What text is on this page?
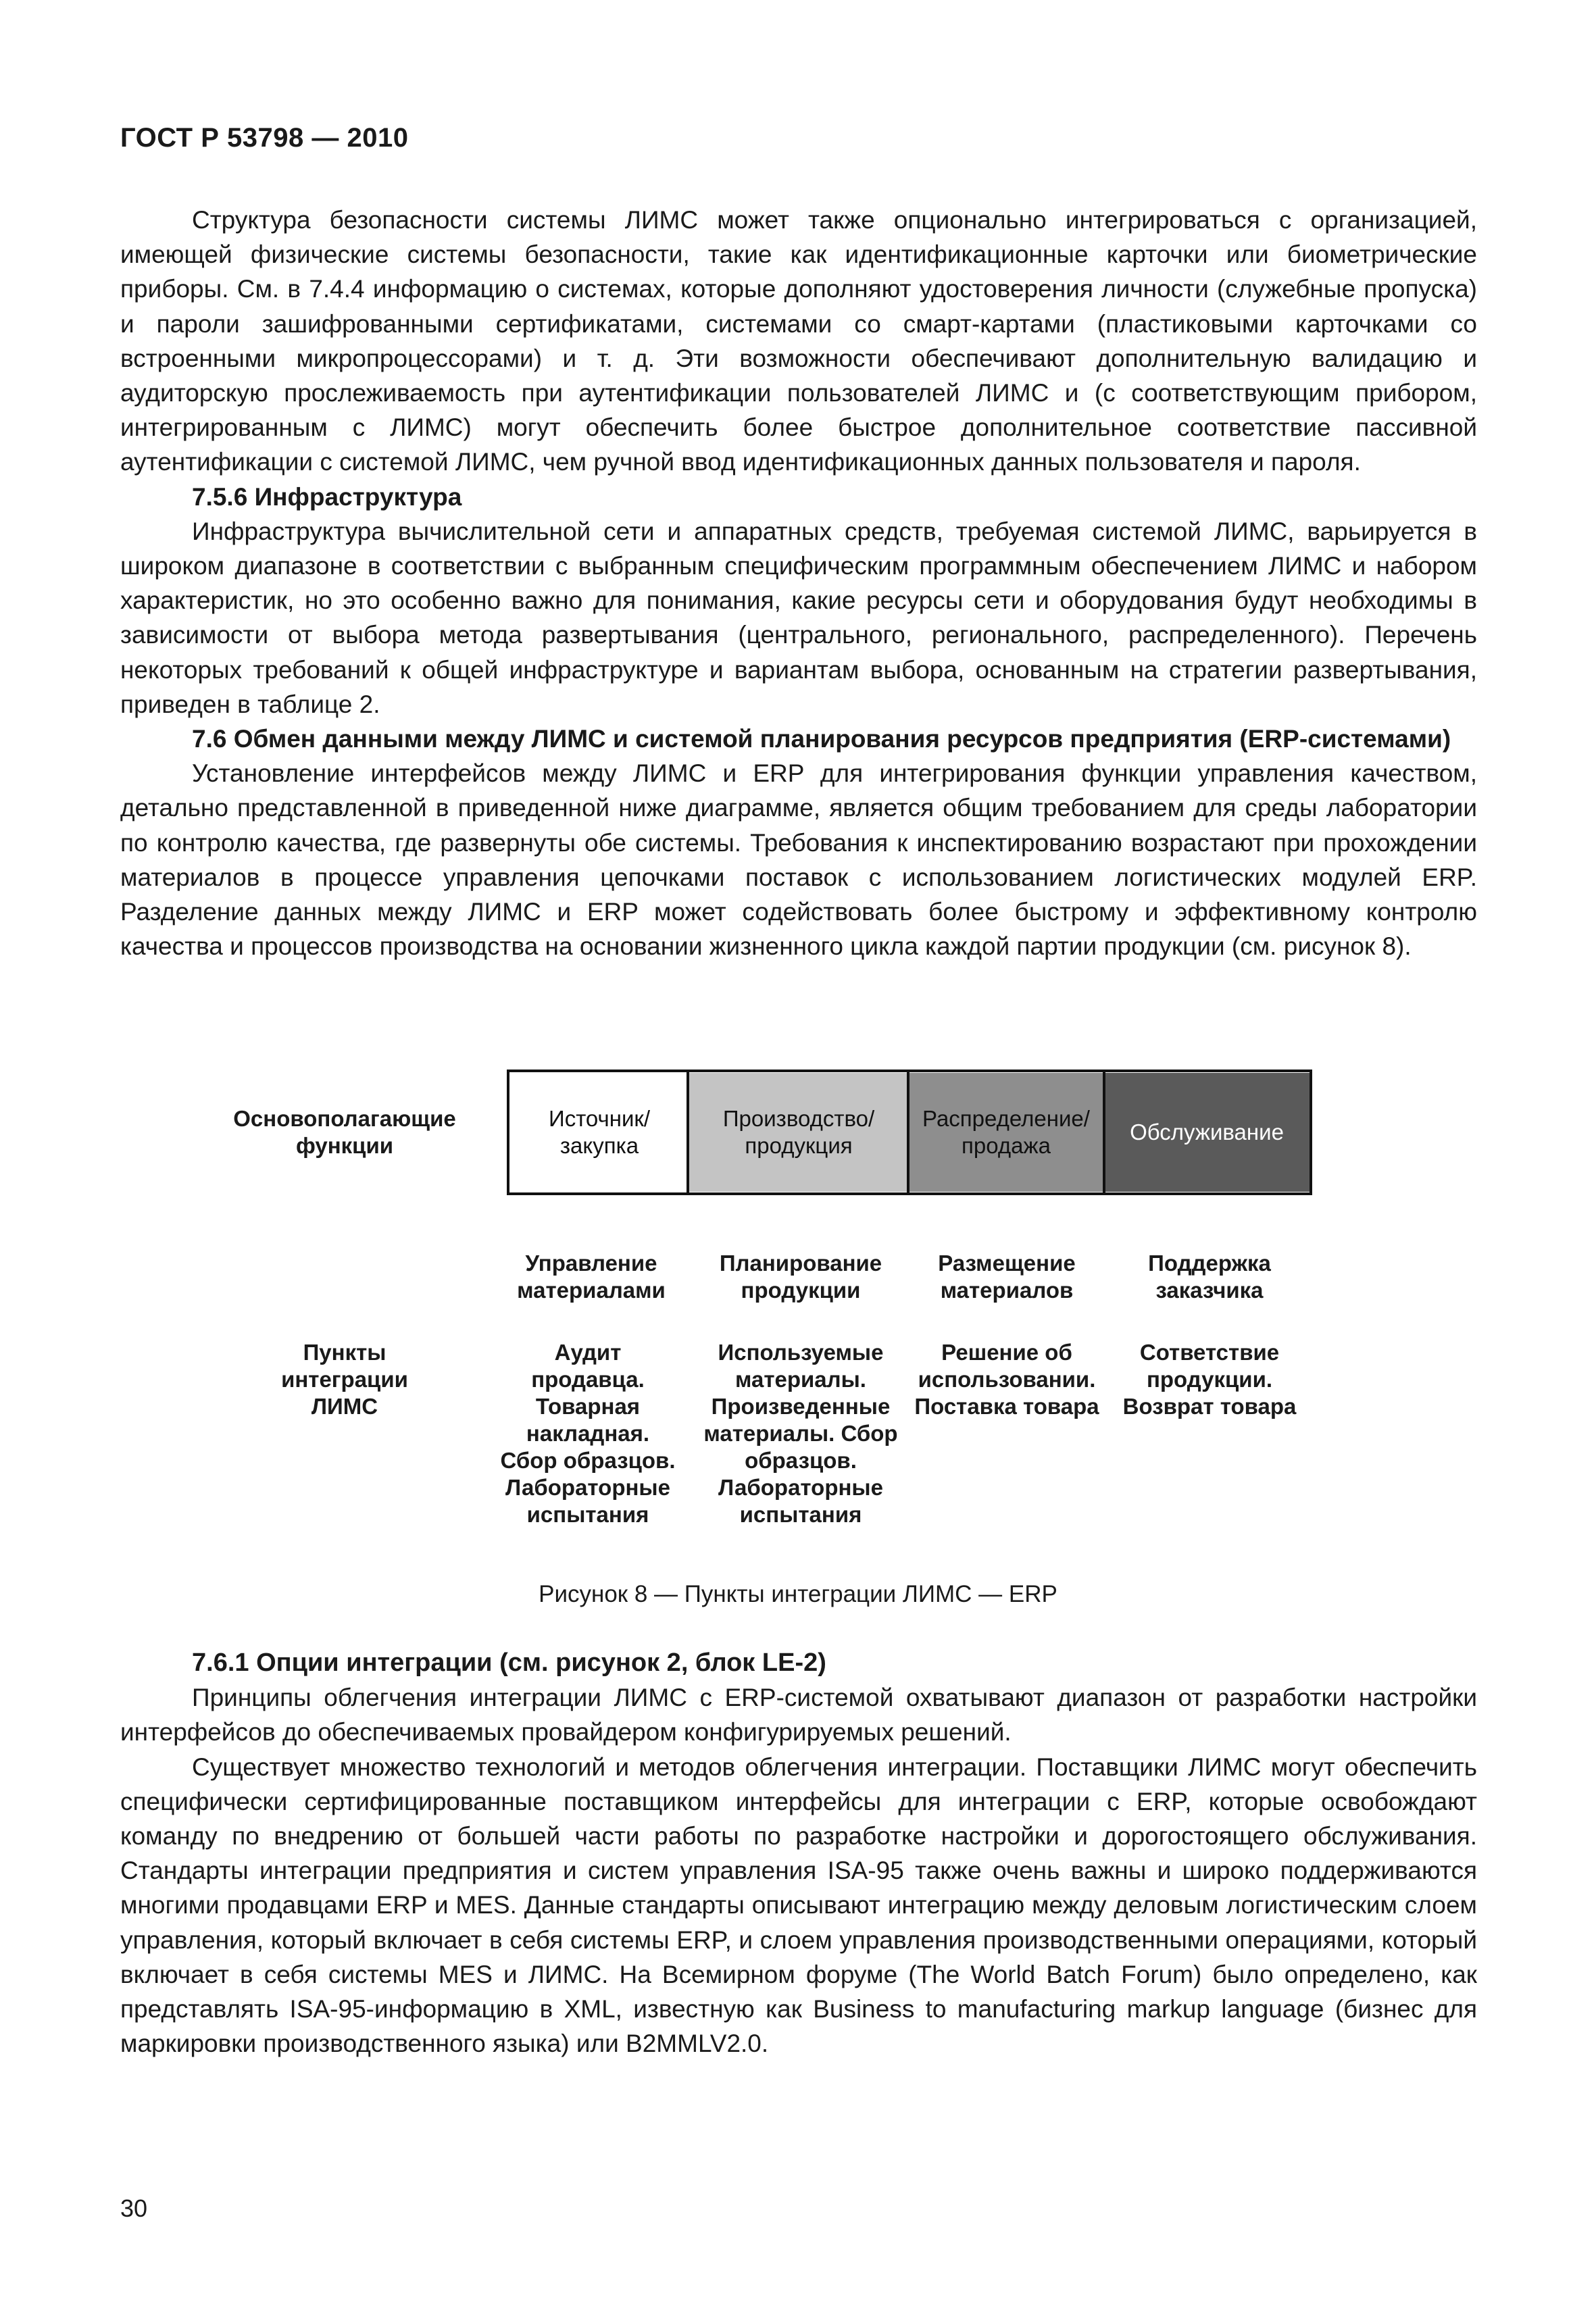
ГОСТ Р 53798 — 2010

Структура безопасности системы ЛИМС может также опционально интегрироваться с организацией, имеющей физические системы безопасности, такие как идентификационные карточки или биометрические приборы. См. в 7.4.4 информацию о системах, которые дополняют удостоверения личности (служебные пропуска) и пароли зашифрованными сертификатами, системами со смарт-картами (пластиковыми карточками со встроенными микропроцессорами) и т. д. Эти возможности обеспечивают дополнительную валидацию и аудиторскую прослеживаемость при аутентификации пользователей ЛИМС и (с соответствующим прибором, интегрированным с ЛИМС) могут обеспечить более быстрое дополнительное соответствие пассивной аутентификации с системой ЛИМС, чем ручной ввод идентификационных данных пользователя и пароля.

7.5.6 Инфраструктура

Инфраструктура вычислительной сети и аппаратных средств, требуемая системой ЛИМС, варьируется в широком диапазоне в соответствии с выбранным специфическим программным обеспечением ЛИМС и набором характеристик, но это особенно важно для понимания, какие ресурсы сети и оборудования будут необходимы в зависимости от выбора метода развертывания (центрального, регионального, распределенного). Перечень некоторых требований к общей инфраструктуре и вариантам выбора, основанным на стратегии развертывания, приведен в таблице 2.

7.6 Обмен данными между ЛИМС и системой планирования ресурсов предприятия (ERP-системами)

Установление интерфейсов между ЛИМС и ERP для интегрирования функции управления качеством, детально представленной в приведенной ниже диаграмме, является общим требованием для среды лаборатории по контролю качества, где развернуты обе системы. Требования к инспектированию возрастают при прохождении материалов в процессе управления цепочками поставок с использованием логистических модулей ERP. Разделение данных между ЛИМС и ERP может содействовать более быстрому и эффективному контролю качества и процессов производства на основании жизненного цикла каждой партии продукции (см. рисунок 8).

Основополагающие функции
Источник/ закупка
Производство/ продукция
Распределение/ продажа
Обслуживание
Управление материалами
Планирование продукции
Размещение материалов
Поддержка заказчика
Пункты интеграции ЛИМС
Аудит продавца. Товарная накладная. Сбор образцов. Лабораторные испытания
Используемые материалы. Произведенные материалы. Сбор образцов. Лабораторные испытания
Решение об использовании. Поставка товара
Сответствие продукции. Возврат товара
Рисунок 8 — Пункты интеграции ЛИМС — ERP

7.6.1 Опции интеграции (см. рисунок 2, блок LE-2)

Принципы облегчения интеграции ЛИМС с ERP-системой охватывают диапазон от разработки настройки интерфейсов до обеспечиваемых провайдером конфигурируемых решений.

Существует множество технологий и методов облегчения интеграции. Поставщики ЛИМС могут обеспечить специфически сертифицированные поставщиком интерфейсы для интеграции с ERP, которые освобождают команду по внедрению от большей части работы по разработке настройки и дорогостоящего обслуживания. Стандарты интеграции предприятия и систем управления ISA-95 также очень важны и широко поддерживаются многими продавцами ERP и MES. Данные стандарты описывают интеграцию между деловым логистическим слоем управления, который включает в себя системы ERP, и слоем управления производственными операциями, который включает в себя системы MES и ЛИМС. На Всемирном форуме (The World Batch Forum) было определено, как представлять ISA-95-информацию в XML, известную как Business to manufacturing markup language (бизнес для маркировки производственного языка) или B2MMLV2.0.

30
